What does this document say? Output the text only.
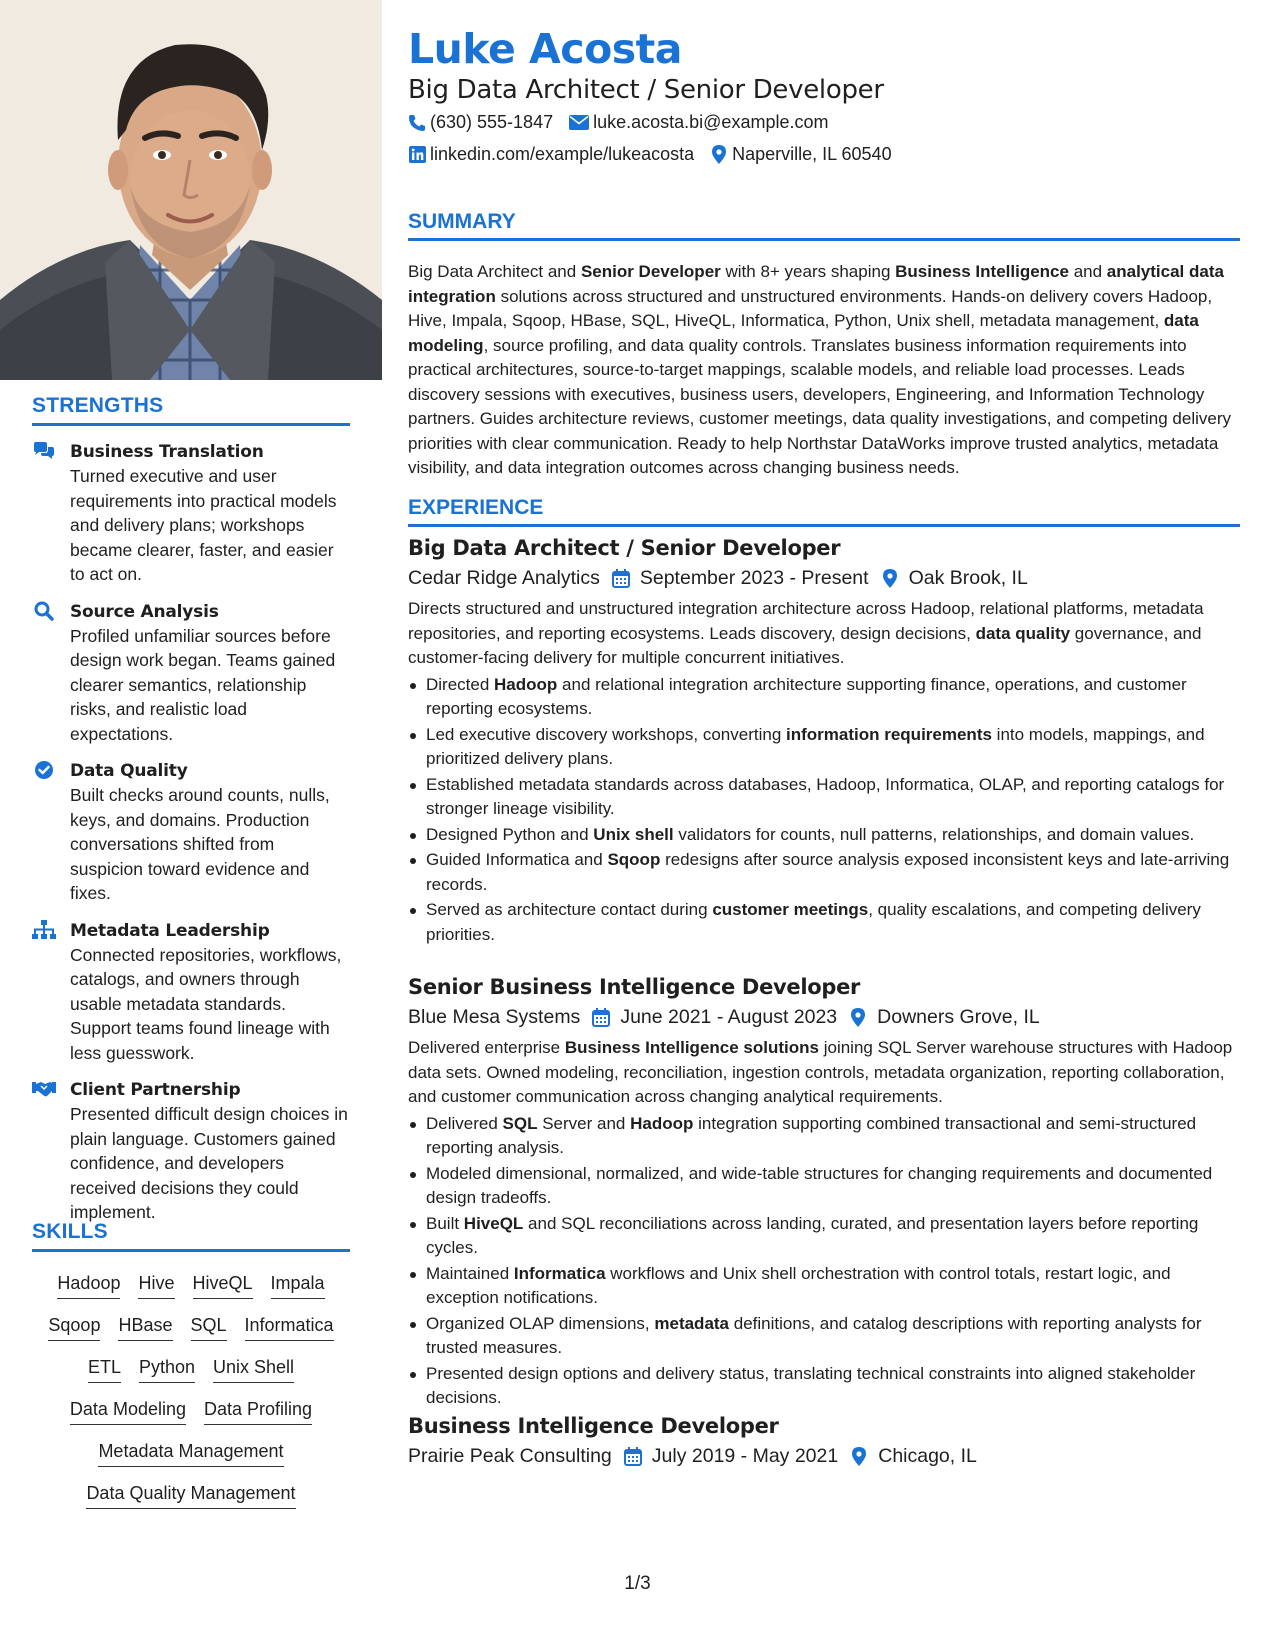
STRENGTHS
Business Translation
Turned executive and user requirements into practical models and delivery plans; workshops became clearer, faster, and easier to act on.
Source Analysis
Profiled unfamiliar sources before design work began. Teams gained clearer semantics, relationship risks, and realistic load expectations.
Data Quality
Built checks around counts, nulls, keys, and domains. Production conversations shifted from suspicion toward evidence and fixes.
Metadata Leadership
Connected repositories, workflows, catalogs, and owners through usable metadata standards. Support teams found lineage with less guesswork.
Client Partnership
Presented difficult design choices in plain language. Customers gained confidence, and developers received decisions they could implement.
SKILLS
Hadoop Hive HiveQL Impala
Sqoop HBase SQL Informatica
ETL Python Unix Shell
Data Modeling Data Profiling
Metadata Management
Data Quality Management
Luke Acosta
Big Data Architect / Senior Developer
(630) 555-1847 luke.acosta.bi@example.com
linkedin.com/example/lukeacosta Naperville, IL 60540
SUMMARY
Big Data Architect and Senior Developer with 8+ years shaping Business Intelligence and analytical data integration solutions across structured and unstructured environments. Hands-on delivery covers Hadoop, Hive, Impala, Sqoop, HBase, SQL, HiveQL, Informatica, Python, Unix shell, metadata management, data modeling, source profiling, and data quality controls. Translates business information requirements into practical architectures, source-to-target mappings, scalable models, and reliable load processes. Leads discovery sessions with executives, business users, developers, Engineering, and Information Technology partners. Guides architecture reviews, customer meetings, data quality investigations, and competing delivery priorities with clear communication. Ready to help Northstar DataWorks improve trusted analytics, metadata visibility, and data integration outcomes across changing business needs.
EXPERIENCE
Big Data Architect / Senior Developer
Cedar Ridge Analytics September 2023 - Present Oak Brook, IL
Directs structured and unstructured integration architecture across Hadoop, relational platforms, metadata repositories, and reporting ecosystems. Leads discovery, design decisions, data quality governance, and customer-facing delivery for multiple concurrent initiatives.
Directed Hadoop and relational integration architecture supporting finance, operations, and customer reporting ecosystems.
Led executive discovery workshops, converting information requirements into models, mappings, and prioritized delivery plans.
Established metadata standards across databases, Hadoop, Informatica, OLAP, and reporting catalogs for stronger lineage visibility.
Designed Python and Unix shell validators for counts, null patterns, relationships, and domain values.
Guided Informatica and Sqoop redesigns after source analysis exposed inconsistent keys and late-arriving records.
Served as architecture contact during customer meetings, quality escalations, and competing delivery priorities.
Senior Business Intelligence Developer
Blue Mesa Systems June 2021 - August 2023 Downers Grove, IL
Delivered enterprise Business Intelligence solutions joining SQL Server warehouse structures with Hadoop data sets. Owned modeling, reconciliation, ingestion controls, metadata organization, reporting collaboration, and customer communication across changing analytical requirements.
Delivered SQL Server and Hadoop integration supporting combined transactional and semi-structured reporting analysis.
Modeled dimensional, normalized, and wide-table structures for changing requirements and documented design tradeoffs.
Built HiveQL and SQL reconciliations across landing, curated, and presentation layers before reporting cycles.
Maintained Informatica workflows and Unix shell orchestration with control totals, restart logic, and exception notifications.
Organized OLAP dimensions, metadata definitions, and catalog descriptions with reporting analysts for trusted measures.
Presented design options and delivery status, translating technical constraints into aligned stakeholder decisions.
Business Intelligence Developer
Prairie Peak Consulting July 2019 - May 2021 Chicago, IL
1/3
